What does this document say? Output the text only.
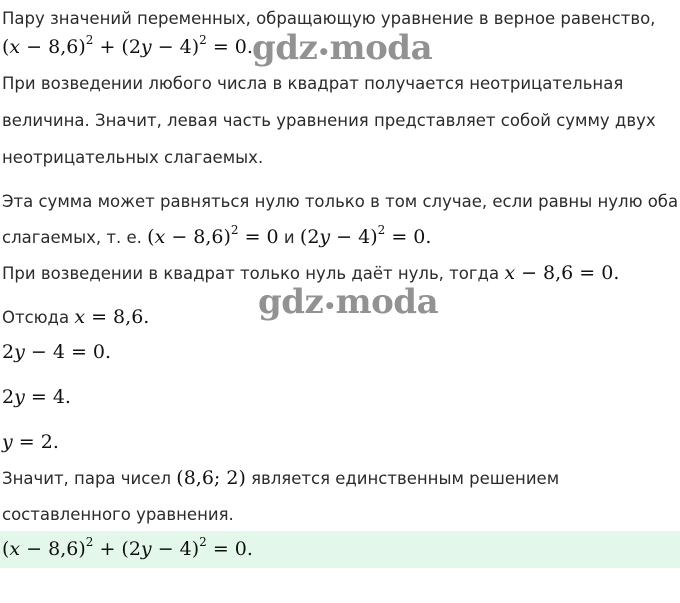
Пару значений переменных, обращающую уравнение в верное равенство,
$(x - 8,6)^2 + (2y - 4)^2 = 0$. gdz•moda
При возведении любого числа в квадрат получается неотрицательная
величина. Значит, левая часть уравнения представляет собой сумму двух
неотрицательных слагаемых.
Эта сумма может равняться нулю только в том случае, если равны нулю оба
слагаемых, т. е. $(x - 8,6)^2 = 0$ и $(2y - 4)^2 = 0$.
При возведении в квадрат только нуль даёт нуль, тогда x − 8,6 = 0.
Отсюда x = 8,6.	gdz•moda
2y − 4 = 0.
2y = 4.
y = 2.
Значит, пара чисел (8,6; 2) является единственным решением
составленного уравнения.
$(x - 8,6)^2 + (2y - 4)^2 = 0$.
